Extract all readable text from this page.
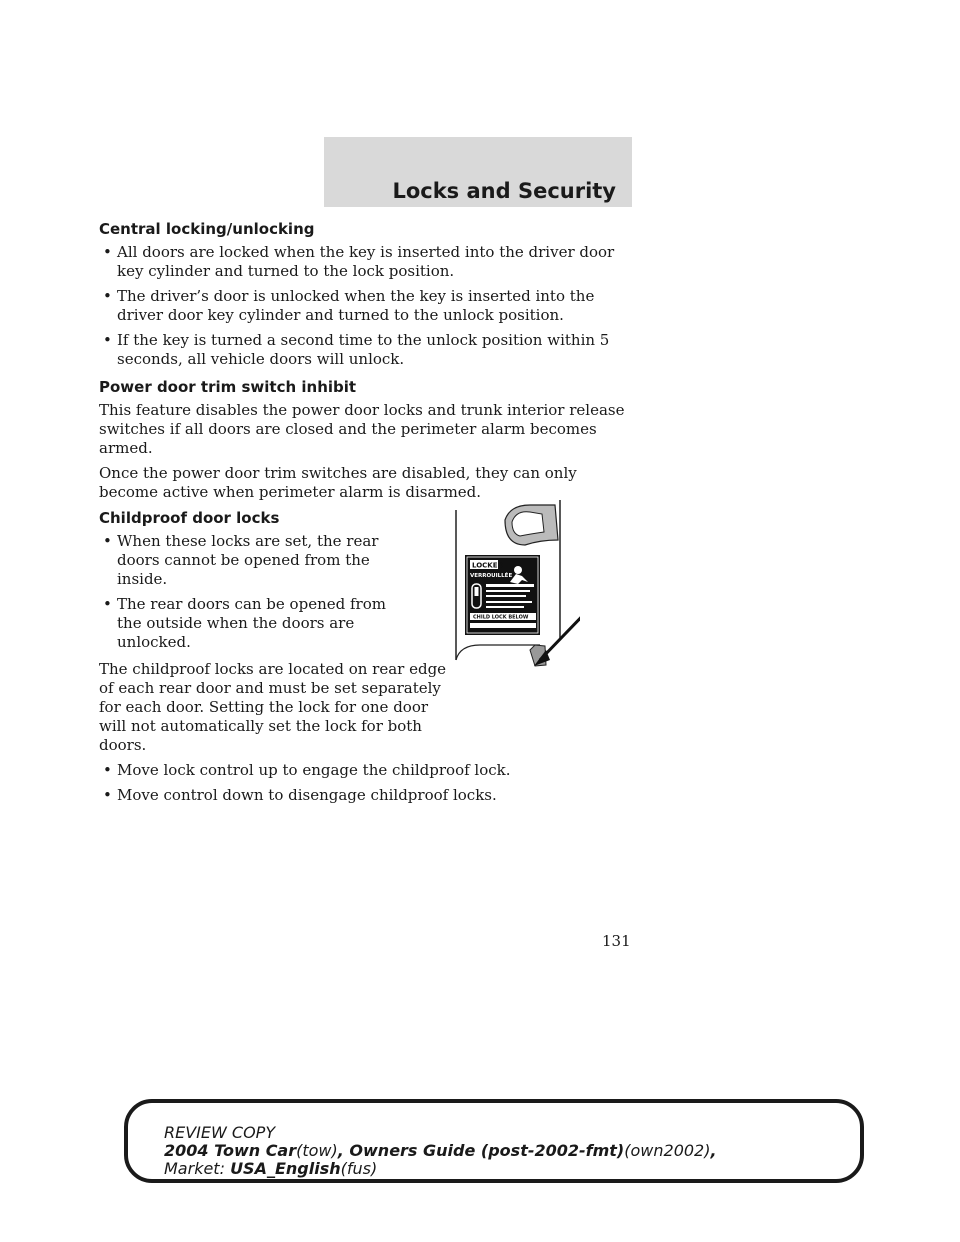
Locks and Security
Central locking/unlocking
• All doors are locked when the key is inserted into the driver door key cylinder and turned to the lock position.
• The driver’s door is unlocked when the key is inserted into the driver door key cylinder and turned to the unlock position.
• If the key is turned a second time to the unlock position within 5 seconds, all vehicle doors will unlock.
Power door trim switch inhibit

This feature disables the power door locks and trunk interior release switches if all doors are closed and the perimeter alarm becomes armed.

Once the power door trim switches are disabled, they can only become active when perimeter alarm is disarmed.

Childproof door locks
• When these locks are set, the rear doors cannot be opened from the inside.
• The rear doors can be opened from the outside when the doors are unlocked.

The childproof locks are located on rear edge of each rear door and must be set separately for each door. Setting the lock for one door will not automatically set the lock for both doors.

• Move lock control up to engage the childproof lock.
• Move control down to disengage childproof locks.
LOCKED
VERROUILLÉE
CHILD LOCK BELOW
131
REVIEW COPY
2004 Town Car(tow), Owners Guide (post-2002-fmt)(own2002),
Market: USA_English(fus)
